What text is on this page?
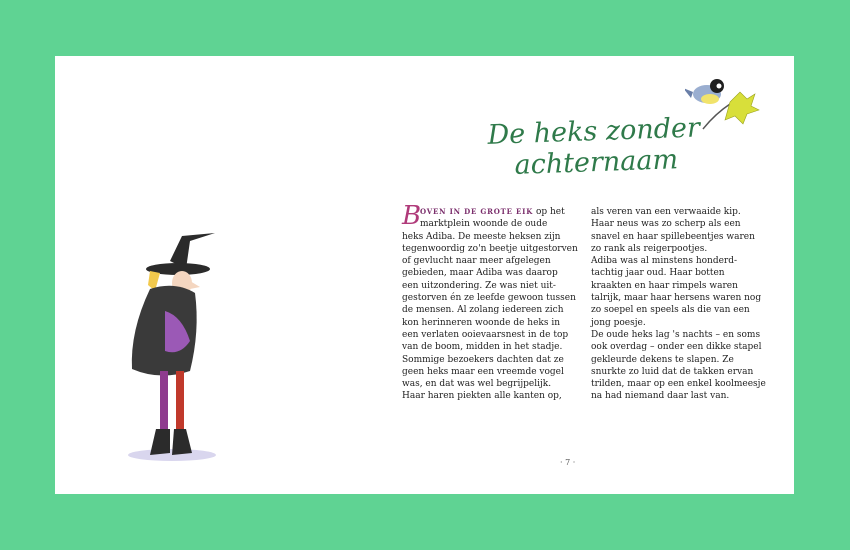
De heks zonder
achternaam
B
OVEN IN DE GROTE EIK op het
marktplein woonde de oude
heks Adiba. De meeste heksen zijn
tegenwoordig zo'n beetje uitgestorven
of gevlucht naar meer afgelegen
gebieden, maar Adiba was daarop
een uitzondering. Ze was niet uit-
gestorven én ze leefde gewoon tussen
de mensen. Al zolang iedereen zich
kon herinneren woonde de heks in
een verlaten ooievaarsnest in de top
van de boom, midden in het stadje.
Sommige bezoekers dachten dat ze
geen heks maar een vreemde vogel
was, en dat was wel begrijpelijk.
Haar haren piekten alle kanten op,
als veren van een verwaaide kip.
Haar neus was zo scherp als een
snavel en haar spillebeentjes waren
zo rank als reigerpootjes.
Adiba was al minstens honderd-
tachtig jaar oud. Haar botten
kraakten en haar rimpels waren
talrijk, maar haar hersens waren nog
zo soepel en speels als die van een
jong poesje.
De oude heks lag 's nachts – en soms
ook overdag – onder een dikke stapel
gekleurde dekens te slapen. Ze
snurkte zo luid dat de takken ervan
trilden, maar op een enkel koolmeesje
na had niemand daar last van.
· 7 ·
